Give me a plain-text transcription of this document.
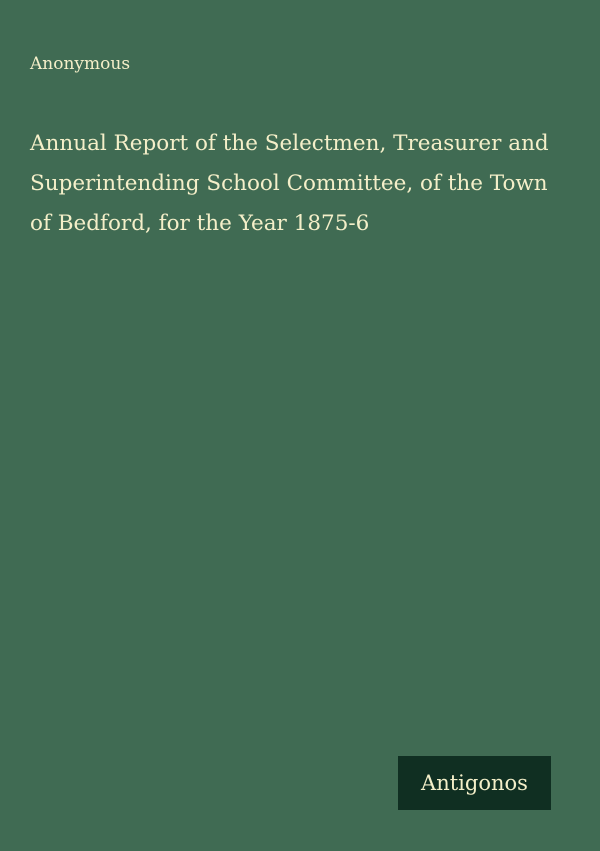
Anonymous
Annual Report of the Selectmen, Treasurer and Superintending School Committee, of the Town of Bedford, for the Year 1875-6
Antigonos
